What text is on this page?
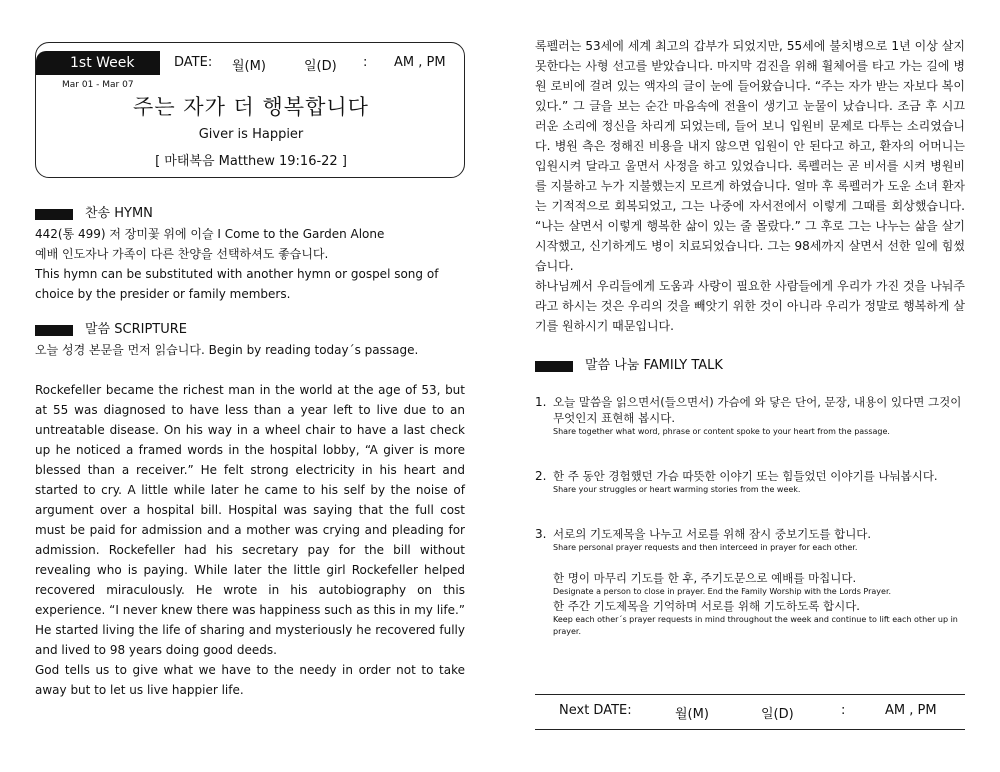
1st Week	DATE: 월(M)	일(D) : AM , PM
Mar 01 - Mar 07
주는 자가 더 행복합니다
Giver is Happier
[ 마태복음 Matthew 19:16-22 ]
찬송 HYMN

442(통 499) 저 장미꽃 위에 이슬 I Come to the Garden Alone

예배 인도자나 가족이 다른 찬양을 선택하셔도 좋습니다.

This hymn can be substituted with another hymn or gospel song of choice by the presider or family members.

말씀 SCRIPTURE

오늘 성경 본문을 먼저 읽습니다. Begin by reading today´s passage.

Rockefeller became the richest man in the world at the age of 53, but at 55 was diagnosed to have less than a year left to live due to an untreatable disease. On his way in a wheel chair to have a last check up he noticed a framed words in the hospital lobby, “A giver is more blessed than a receiver.” He felt strong electricity in his heart and started to cry. A little while later he came to his self by the noise of argument over a hospital bill. Hospital was saying that the full cost must be paid for admission and a mother was crying and pleading for admission. Rockefeller had his secretary pay for the bill without revealing who is paying. While later the little girl Rockefeller helped recovered miraculously. He wrote in his autobiography on this experience. “I never knew there was happiness such as this in my life.” He started living the life of sharing and mysteriously he recovered fully and lived to 98 years doing good deeds.

God tells us to give what we have to the needy in order not to take away but to let us live happier life.

록펠러는 53세에 세계 최고의 갑부가 되었지만, 55세에 불치병으로 1년 이상 살지 못한다는 사형 선고를 받았습니다. 마지막 검진을 위해 휠체어를 타고 가는 길에 병원 로비에 걸려 있는 액자의 글이 눈에 들어왔습니다. “주는 자가 받는 자보다 복이 있다.” 그 글을 보는 순간 마음속에 전율이 생기고 눈물이 났습니다. 조금 후 시끄러운 소리에 정신을 차리게 되었는데, 들어 보니 입원비 문제로 다투는 소리였습니다. 병원 측은 정해진 비용을 내지 않으면 입원이 안 된다고 하고, 환자의 어머니는 입원시켜 달라고 울면서 사정을 하고 있었습니다. 록펠러는 곧 비서를 시켜 병원비를 지불하고 누가 지불했는지 모르게 하였습니다. 얼마 후 록펠러가 도운 소녀 환자는 기적적으로 회복되었고, 그는 나중에 자서전에서 이렇게 그때를 회상했습니다. “나는 살면서 이렇게 행복한 삶이 있는 줄 몰랐다.” 그 후로 그는 나누는 삶을 살기 시작했고, 신기하게도 병이 치료되었습니다. 그는 98세까지 살면서 선한 일에 힘썼습니다.

하나님께서 우리들에게 도움과 사랑이 필요한 사람들에게 우리가 가진 것을 나눠주라고 하시는 것은 우리의 것을 빼앗기 위한 것이 아니라 우리가 정말로 행복하게 살기를 원하시기 때문입니다.

말씀 나눔 FAMILY TALK
1. 오늘 말씀을 읽으면서(들으면서) 가슴에 와 닿은 단어, 문장, 내용이 있다면 그것이 무엇인지 표현해 봅시다.

Share together what word, phrase or content spoke to your heart from the passage.

2. 한 주 동안 경험했던 가슴 따뜻한 이야기 또는 힘들었던 이야기를 나눠봅시다.

Share your struggles or heart warming stories from the week.

3. 서로의 기도제목을 나누고 서로를 위해 잠시 중보기도를 합니다.

Share personal prayer requests and then interceed in prayer for each other.

한 명이 마무리 기도를 한 후, 주기도문으로 예배를 마칩니다.

Designate a person to close in prayer. End the Family Worship with the Lords Prayer.

한 주간 기도제목을 기억하며 서로를 위해 기도하도록 합시다.

Keep each other´s prayer requests in mind throughout the week and continue to lift each other up in prayer.

Next DATE:	월(M)	일(D)	:	AM , PM
